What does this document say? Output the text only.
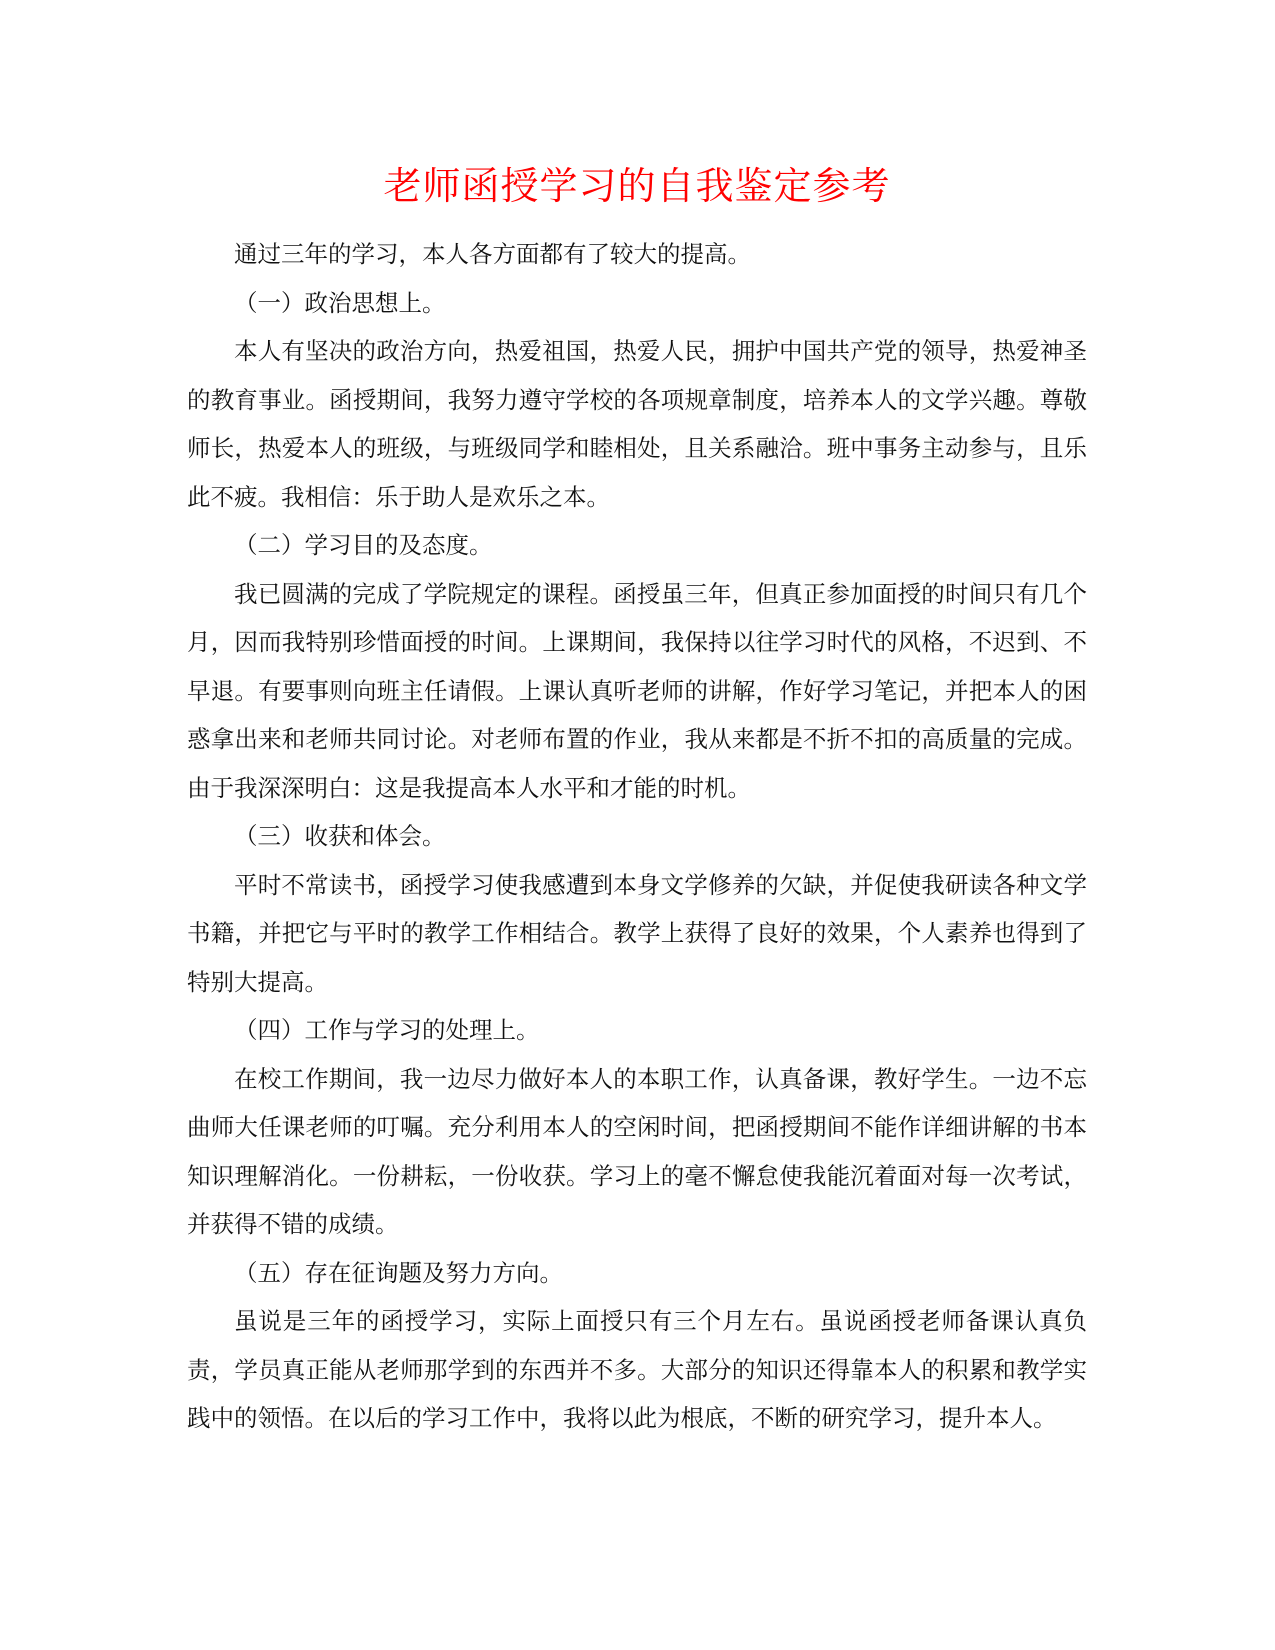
老师函授学习的自我鉴定参考

通过三年的学习，本人各方面都有了较大的提高。

（一）政治思想上。

本人有坚决的政治方向，热爱祖国，热爱人民，拥护中国共产党的领导，热爱神圣的教育事业。函授期间，我努力遵守学校的各项规章制度，培养本人的文学兴趣。尊敬师长，热爱本人的班级，与班级同学和睦相处，且关系融洽。班中事务主动参与，且乐此不疲。我相信：乐于助人是欢乐之本。

（二）学习目的及态度。

我已圆满的完成了学院规定的课程。函授虽三年，但真正参加面授的时间只有几个月，因而我特别珍惜面授的时间。上课期间，我保持以往学习时代的风格，不迟到、不早退。有要事则向班主任请假。上课认真听老师的讲解，作好学习笔记，并把本人的困惑拿出来和老师共同讨论。对老师布置的作业，我从来都是不折不扣的高质量的完成。由于我深深明白：这是我提高本人水平和才能的时机。

（三）收获和体会。

平时不常读书，函授学习使我感遭到本身文学修养的欠缺，并促使我研读各种文学书籍，并把它与平时的教学工作相结合。教学上获得了良好的效果，个人素养也得到了特别大提高。

（四）工作与学习的处理上。

在校工作期间，我一边尽力做好本人的本职工作，认真备课，教好学生。一边不忘曲师大任课老师的叮嘱。充分利用本人的空闲时间，把函授期间不能作详细讲解的书本知识理解消化。一份耕耘，一份收获。学习上的毫不懈怠使我能沉着面对每一次考试，并获得不错的成绩。

（五）存在征询题及努力方向。

虽说是三年的函授学习，实际上面授只有三个月左右。虽说函授老师备课认真负责，学员真正能从老师那学到的东西并不多。大部分的知识还得靠本人的积累和教学实践中的领悟。在以后的学习工作中，我将以此为根底，不断的研究学习，提升本人。
